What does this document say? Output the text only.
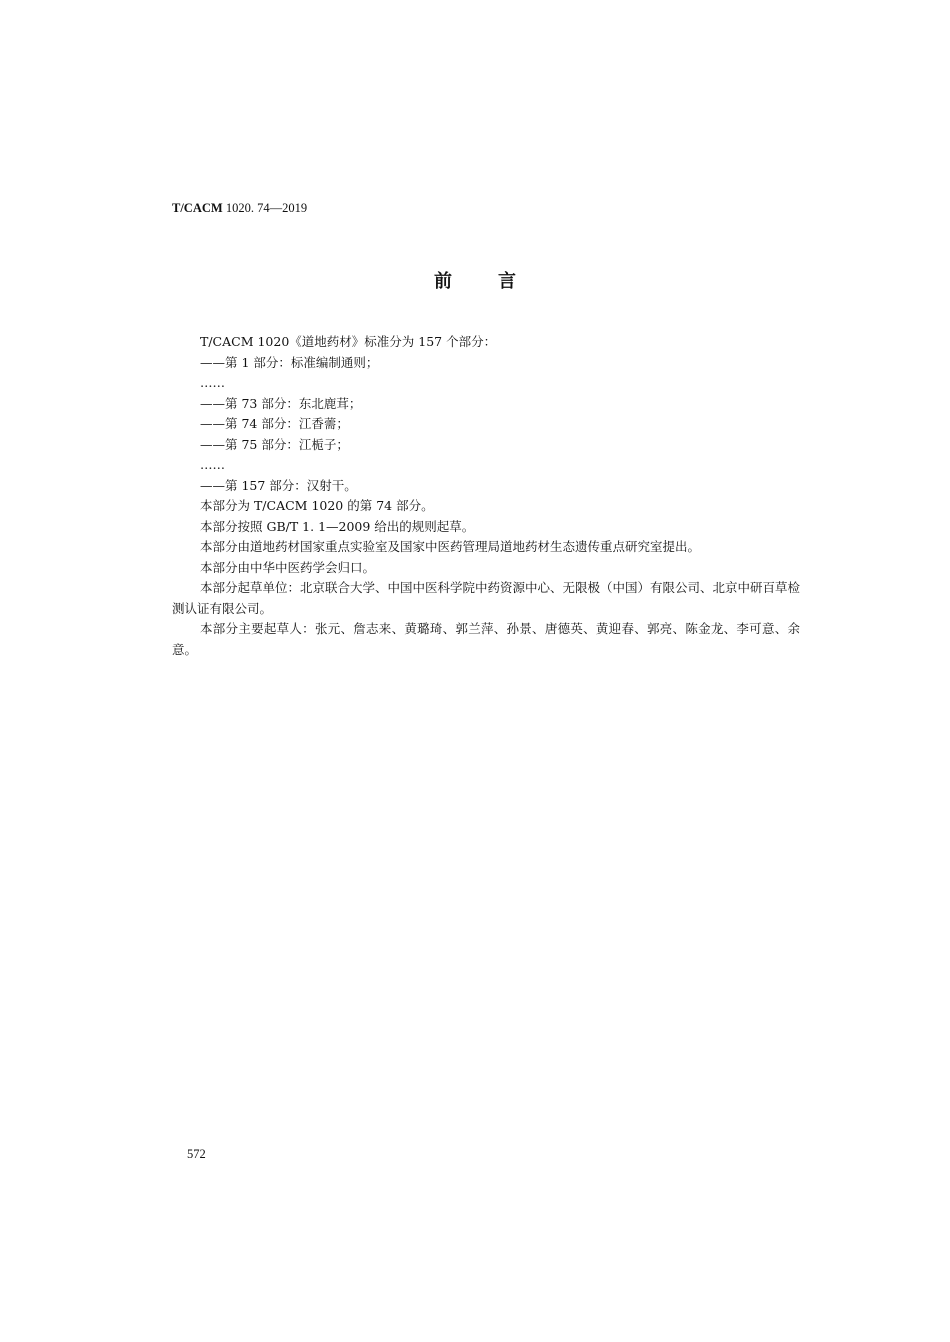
T/CACM 1020. 74—2019
前言

T/CACM 1020《道地药材》标准分为 157 个部分：

——第 1 部分：标准编制通则；

……

——第 73 部分：东北鹿茸；

——第 74 部分：江香薷；

——第 75 部分：江栀子；

……

——第 157 部分：汉射干。

本部分为 T/CACM 1020 的第 74 部分。

本部分按照 GB/T 1. 1—2009 给出的规则起草。

本部分由道地药材国家重点实验室及国家中医药管理局道地药材生态遗传重点研究室提出。

本部分由中华中医药学会归口。

本部分起草单位：北京联合大学、中国中医科学院中药资源中心、无限极（中国）有限公司、北京中研百草检测认证有限公司。

本部分主要起草人：张元、詹志来、黄璐琦、郭兰萍、孙景、唐德英、黄迎春、郭亮、陈金龙、李可意、余意。

572
